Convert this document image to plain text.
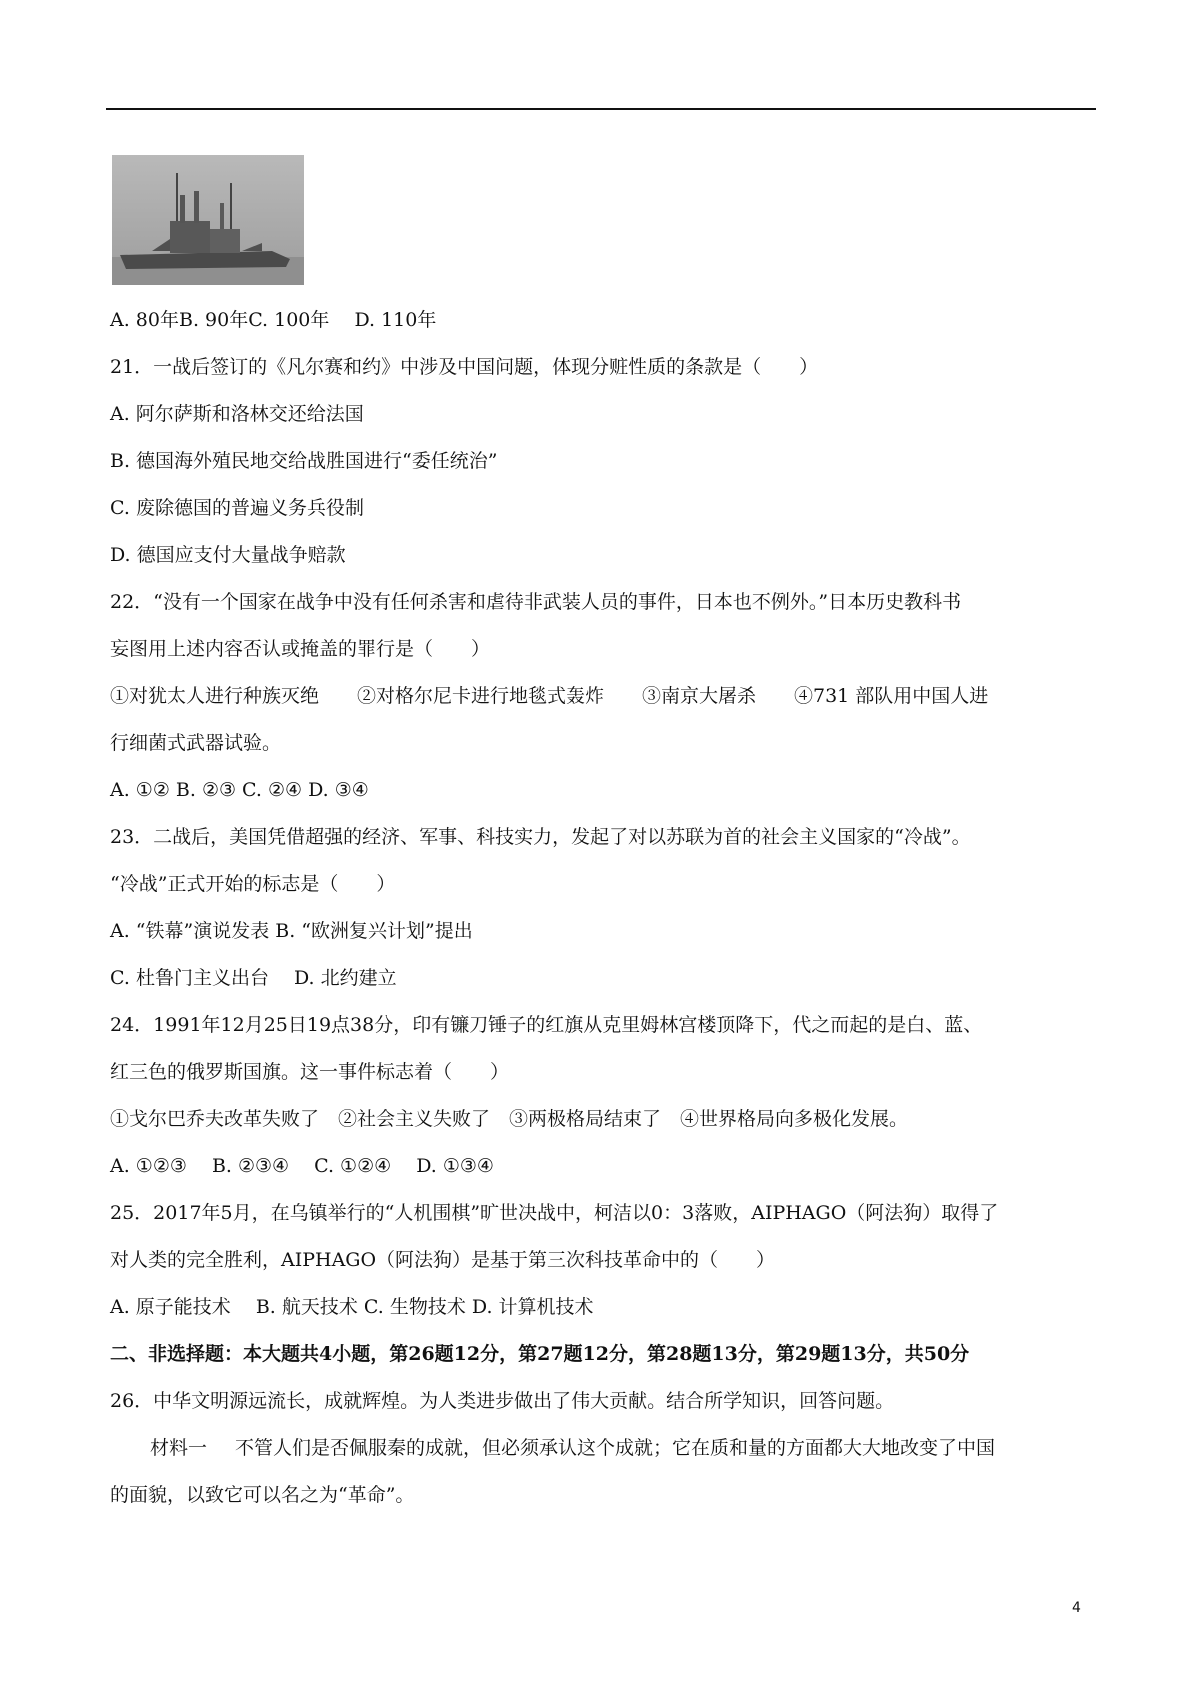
A. 80年B. 90年C. 100年　 D. 110年
21．一战后签订的《凡尔赛和约》中涉及中国问题，体现分赃性质的条款是（　　）
A. 阿尔萨斯和洛林交还给法国
B. 德国海外殖民地交给战胜国进行“委任统治”
C. 废除德国的普遍义务兵役制
D. 德国应支付大量战争赔款
22．“没有一个国家在战争中没有任何杀害和虐待非武装人员的事件，日本也不例外。”日本历史教科书
妄图用上述内容否认或掩盖的罪行是（　　）
①对犹太人进行种族灭绝　　②对格尔尼卡进行地毯式轰炸　　③南京大屠杀　　④731 部队用中国人进
行细菌式武器试验。
A. ①② B. ②③ C. ②④ D. ③④
23．二战后，美国凭借超强的经济、军事、科技实力，发起了对以苏联为首的社会主义国家的“冷战”。
“冷战”正式开始的标志是（　　）
A. “铁幕”演说发表 B. “欧洲复兴计划”提出
C. 杜鲁门主义出台　 D. 北约建立
24．1991年12月25日19点38分，印有镰刀锤子的红旗从克里姆林宫楼顶降下，代之而起的是白、蓝、
红三色的俄罗斯国旗。这一事件标志着（　　）
①戈尔巴乔夫改革失败了　②社会主义失败了　③两极格局结束了　④世界格局向多极化发展。
A. ①②③　 B. ②③④　 C. ①②④　 D. ①③④
25．2017年5月，在乌镇举行的“人机围棋”旷世决战中，柯洁以0：3落败，AIPHAGO（阿法狗）取得了
对人类的完全胜利，AIPHAGO（阿法狗）是基于第三次科技革命中的（　　）
A. 原子能技术　 B. 航天技术 C. 生物技术 D. 计算机技术
二、非选择题：本大题共4小题，第26题12分，第27题12分，第28题13分，第29题13分，共50分
26．中华文明源远流长，成就辉煌。为人类进步做出了伟大贡献。结合所学知识，回答问题。
材料一 不管人们是否佩服秦的成就，但必须承认这个成就；它在质和量的方面都大大地改变了中国
的面貌，以致它可以名之为“革命”。
4
